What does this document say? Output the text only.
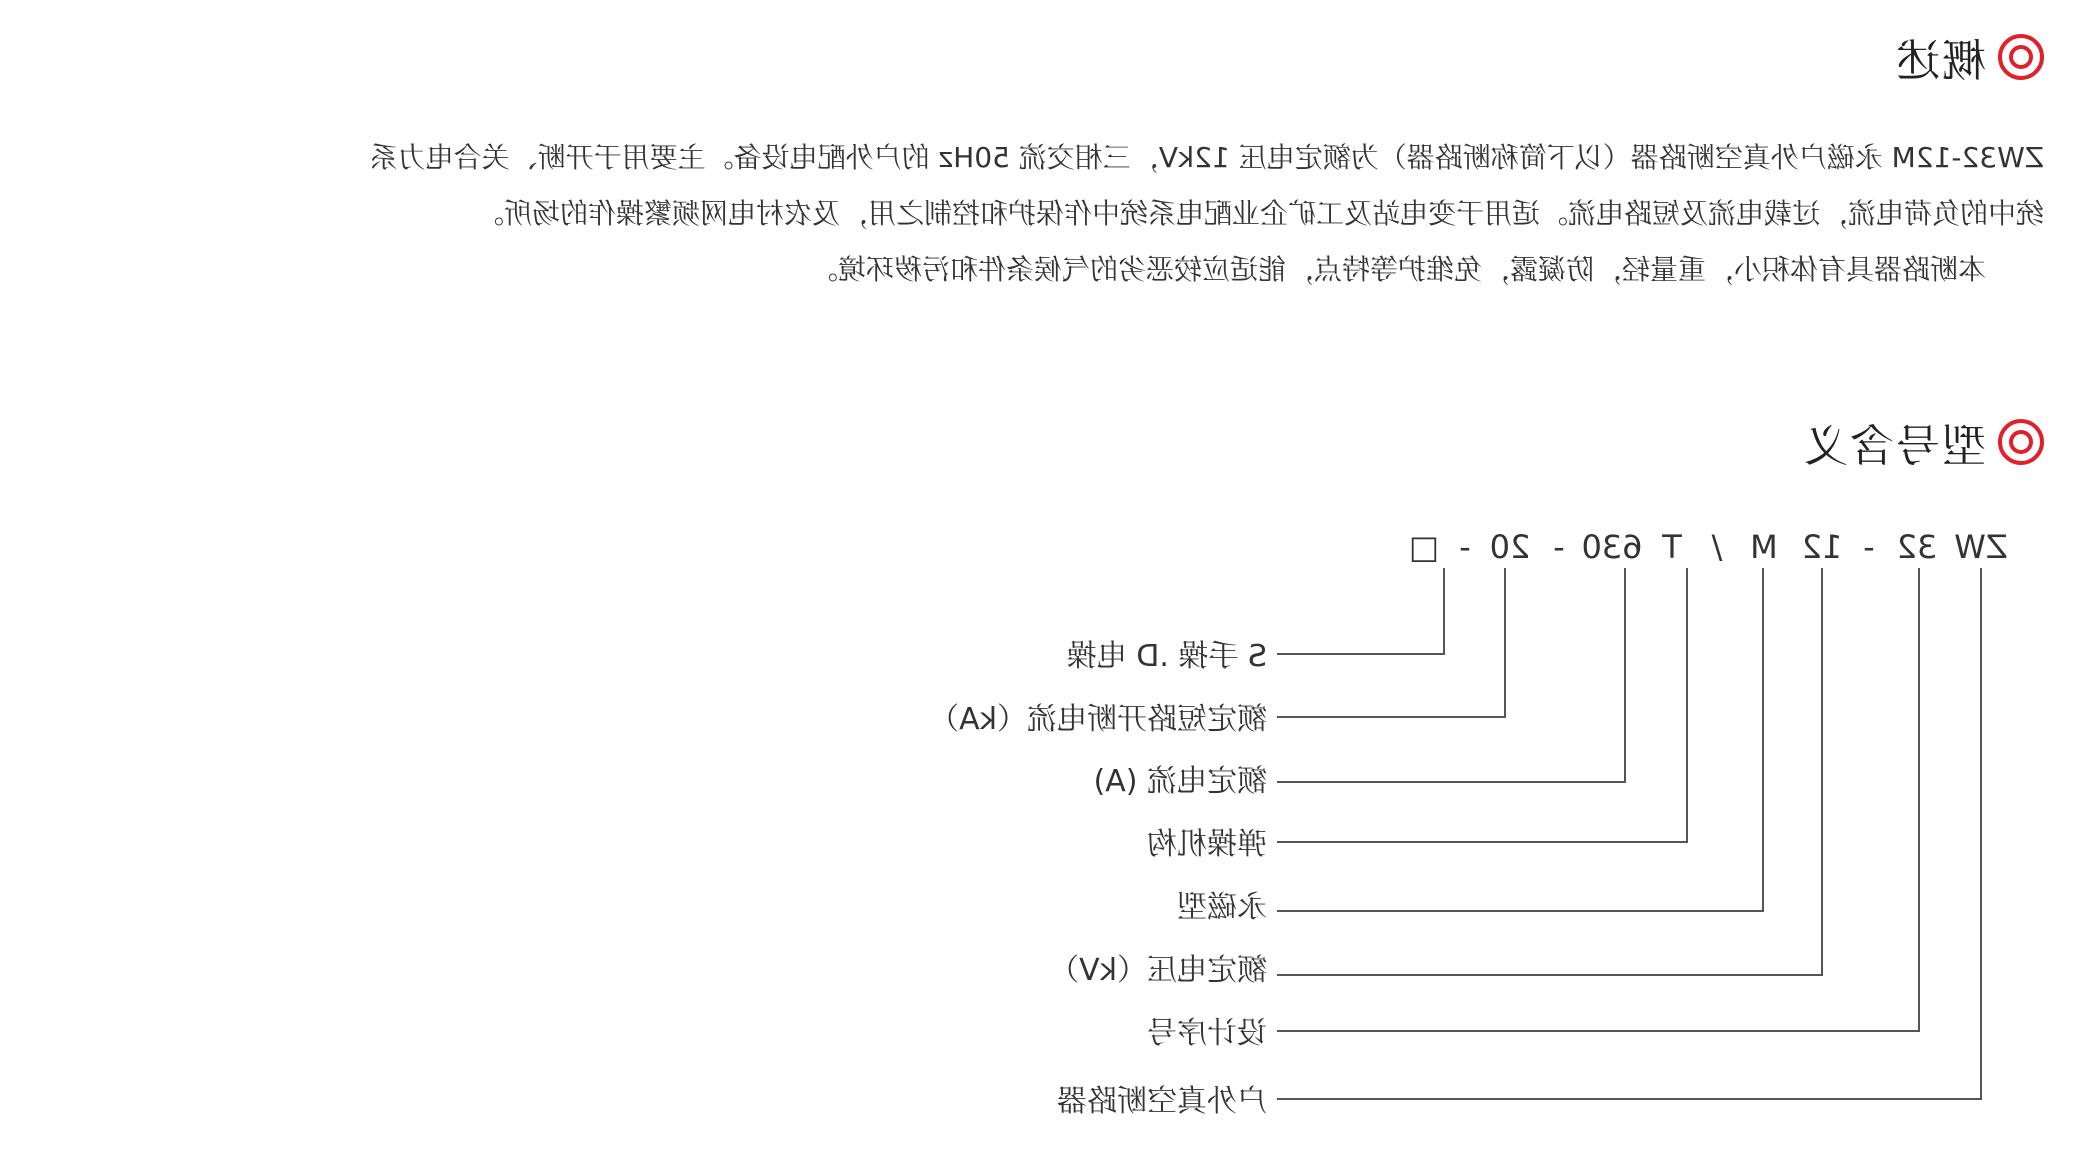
概述

ZW32-12M 永磁户外真空断路器（以下简称断路器）为额定电压 12kV，三相交流 50Hz 的户外配电设备。主要用于开断、关合电力系

统中的负荷电流，过载电流及短路电流。适用于变电站及工矿企业配电系统中作保护和控制之用，及农村电网频繁操作的场所。

本断路器具有体积小，重量轻，防凝露，免维护等特点，能适应较恶劣的气候条件和污秽环境。

型号含义
ZW
32
-
12
M
/
T
630
-
20
-
□
户外真空断路器
设计序号
额定电压（kV）
永磁型
弹操机构
额定电流 (A)
额定短路开断电流（kA）
S 手操 .D 电操
